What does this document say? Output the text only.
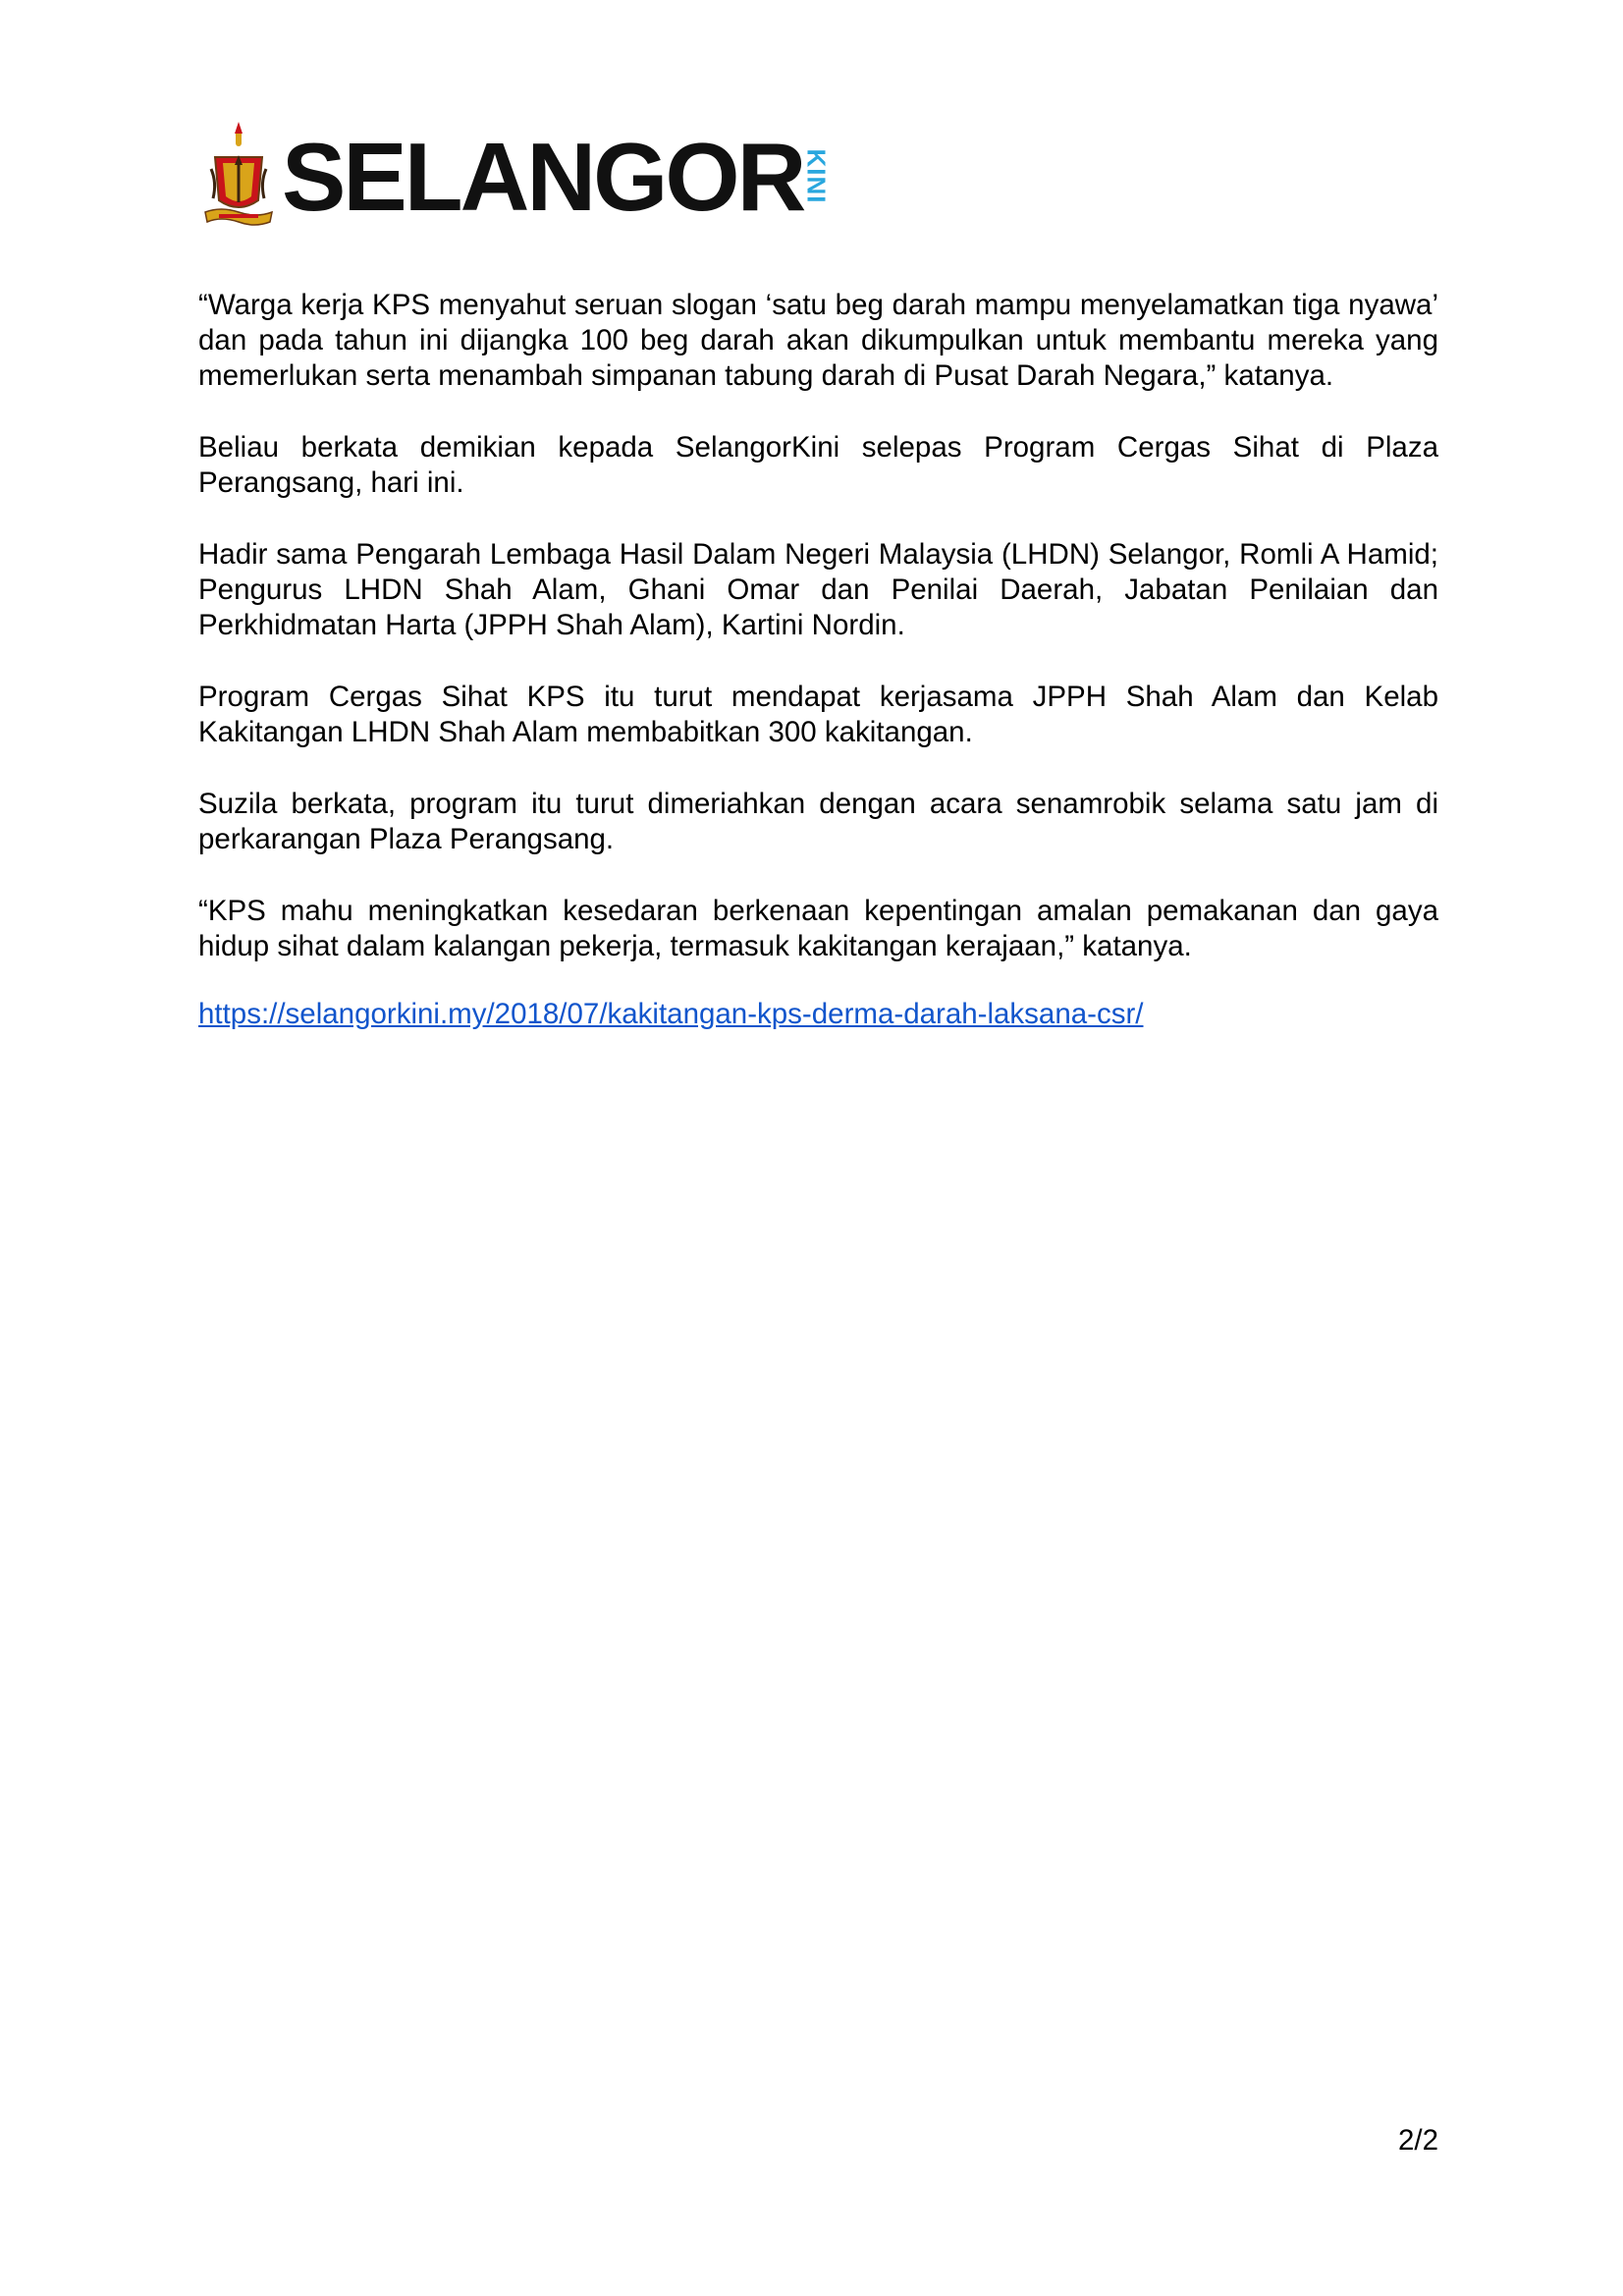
SELANGOR
KINI

“Warga kerja KPS menyahut seruan slogan ‘satu beg darah mampu menyelamatkan tiga nyawa’ dan pada tahun ini dijangka 100 beg darah akan dikumpulkan untuk membantu mereka yang memerlukan serta menambah simpanan tabung darah di Pusat Darah Negara,” katanya.

Beliau berkata demikian kepada SelangorKini selepas Program Cergas Sihat di Plaza Perangsang, hari ini.

Hadir sama Pengarah Lembaga Hasil Dalam Negeri Malaysia (LHDN) Selangor, Romli A Hamid; Pengurus LHDN Shah Alam, Ghani Omar dan Penilai Daerah, Jabatan Penilaian dan Perkhidmatan Harta (JPPH Shah Alam), Kartini Nordin.

Program Cergas Sihat KPS itu turut mendapat kerjasama JPPH Shah Alam dan Kelab Kakitangan LHDN Shah Alam membabitkan 300 kakitangan.

Suzila berkata, program itu turut dimeriahkan dengan acara senamrobik selama satu jam di perkarangan Plaza Perangsang.

“KPS mahu meningkatkan kesedaran berkenaan kepentingan amalan pemakanan dan gaya hidup sihat dalam kalangan pekerja, termasuk kakitangan kerajaan,” katanya.

https://selangorkini.my/2018/07/kakitangan-kps-derma-darah-laksana-csr/
2/2
